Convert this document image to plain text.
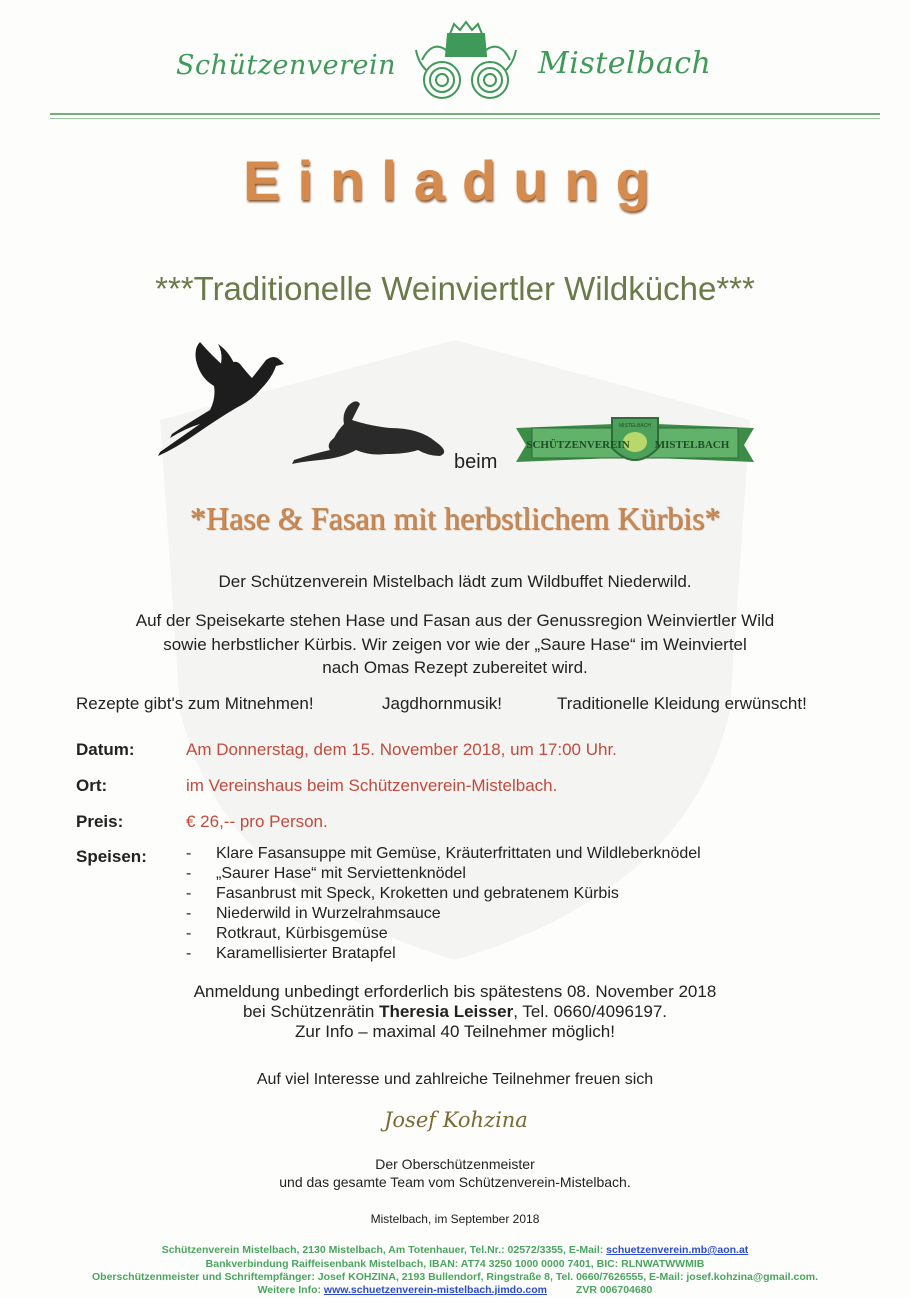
Schützenverein	Mistelbach
Einladung
***Traditionelle Weinviertler Wildküche***
beim
SCHÜTZENVEREIN MISTELBACH
MISTELBACH
*Hase & Fasan mit herbstlichem Kürbis*
Der Schützenverein Mistelbach lädt zum Wildbuffet Niederwild.
Auf der Speisekarte stehen Hase und Fasan aus der Genussregion Weinviertler Wild
sowie herbstlicher Kürbis. Wir zeigen vor wie der „Saure Hase“ im Weinviertel
nach Omas Rezept zubereitet wird.
Rezepte gibt's zum Mitnehmen!	Jagdhornmusik!	Traditionelle Kleidung erwünscht!
Datum:	Am Donnerstag, dem 15. November 2018, um 17:00 Uhr.
Ort:	im Vereinshaus beim Schützenverein-Mistelbach.
Preis:	€ 26,-- pro Person.
Speisen: - Klare Fasansuppe mit Gemüse, Kräuterfrittaten und Wildleberknödel
- „Saurer Hase“ mit Serviettenknödel
- Fasanbrust mit Speck, Kroketten und gebratenem Kürbis
- Niederwild in Wurzelrahmsauce
- Rotkraut, Kürbisgemüse
- Karamellisierter Bratapfel
Anmeldung unbedingt erforderlich bis spätestens 08. November 2018
bei Schützenrätin Theresia Leisser, Tel. 0660/4096197.
Zur Info – maximal 40 Teilnehmer möglich!
Auf viel Interesse und zahlreiche Teilnehmer freuen sich
Josef Kohzina
Der Oberschützenmeister
und das gesamte Team vom Schützenverein-Mistelbach.
Mistelbach, im September 2018
Schützenverein Mistelbach, 2130 Mistelbach, Am Totenhauer, Tel.Nr.: 02572/3355, E-Mail: schuetzenverein.mb@aon.at
Bankverbindung Raiffeisenbank Mistelbach, IBAN: AT74 3250 1000 0000 7401, BIC: RLNWATWWMIB
Oberschützenmeister und Schriftempfänger: Josef KOHZINA, 2193 Bullendorf, Ringstraße 8, Tel. 0660/7626555, E-Mail: josef.kohzina@gmail.com.
Weitere Info: www.schuetzenverein-mistelbach.jimdo.com	ZVR 006704680
